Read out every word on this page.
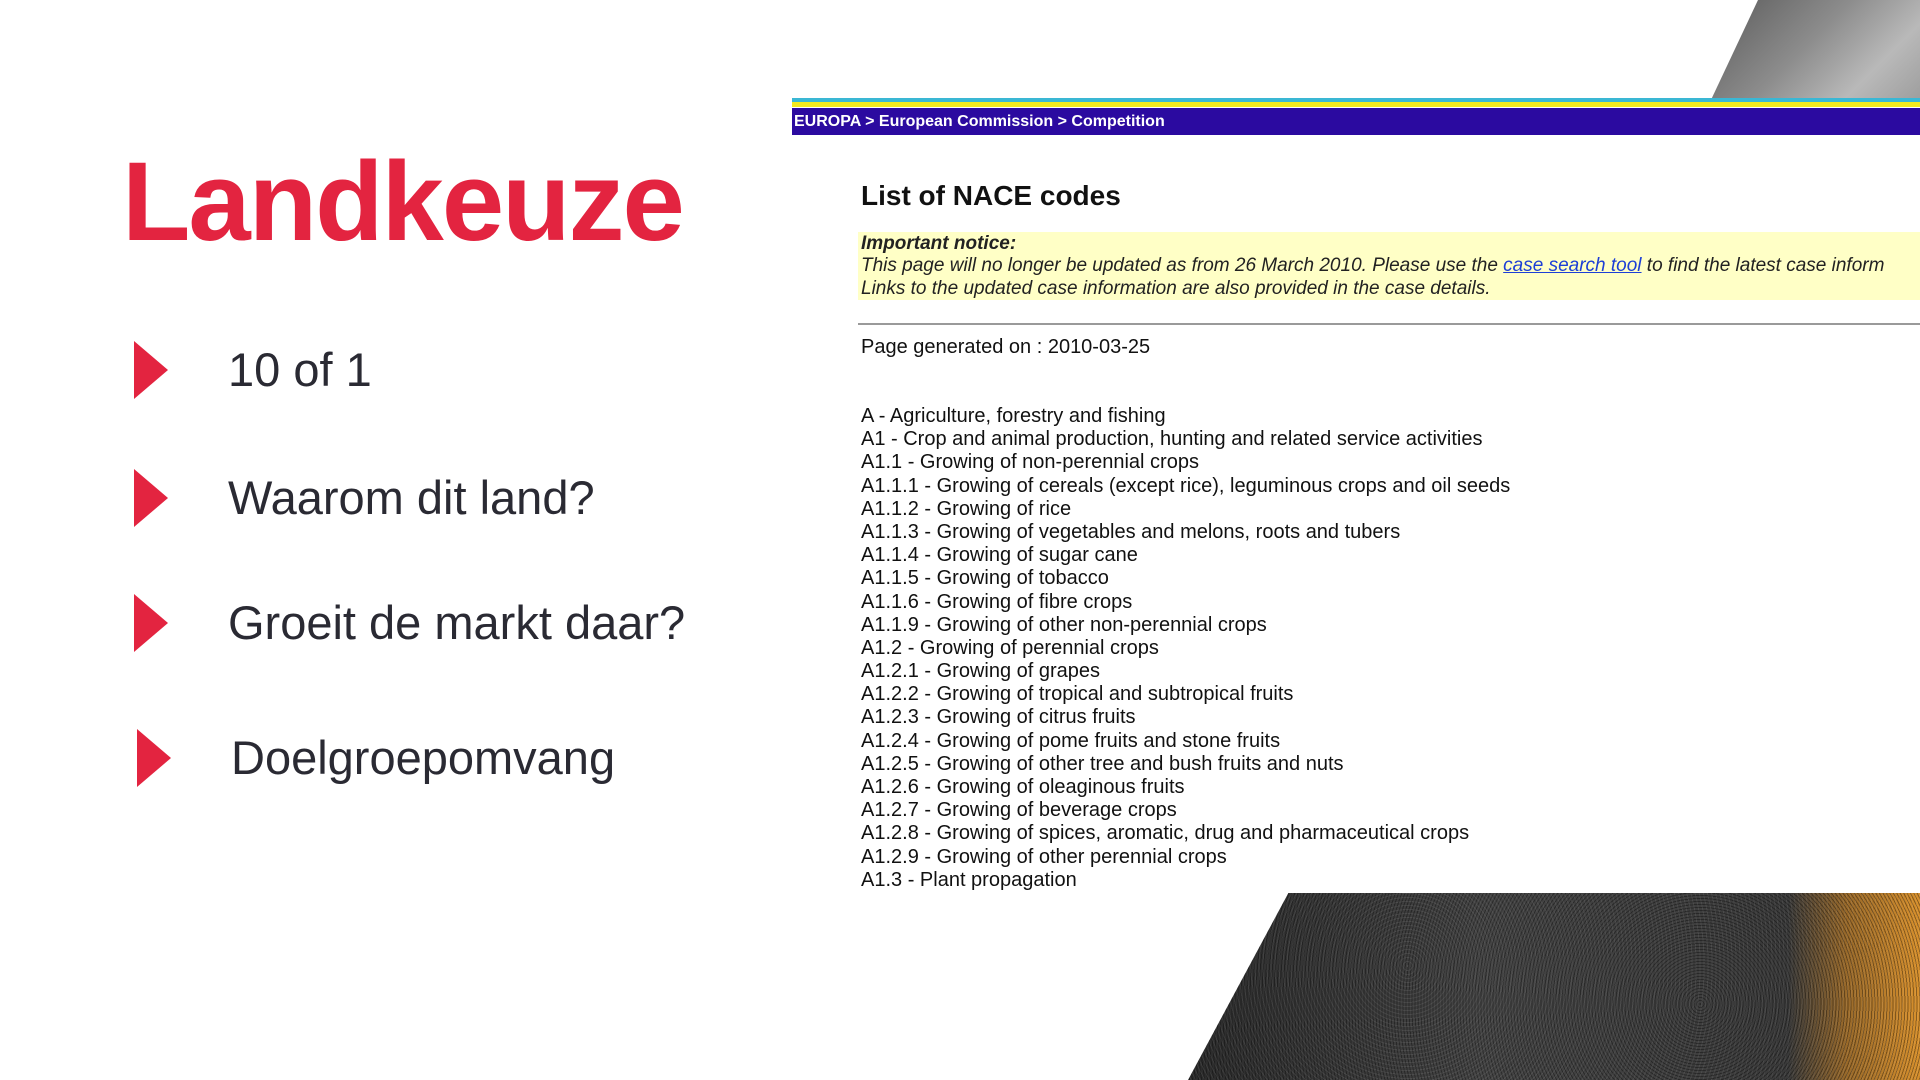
Landkeuze
10 of 1
Waarom dit land?
Groeit de markt daar?
Doelgroepomvang
EUROPA > European Commission > Competition
List of NACE codes
Important notice:
This page will no longer be updated as from 26 March 2010. Please use the case search tool to find the latest case inform
Links to the updated case information are also provided in the case details.
Page generated on : 2010-03-25
A - Agriculture, forestry and fishing
A1 - Crop and animal production, hunting and related service activities
A1.1 - Growing of non-perennial crops
A1.1.1 - Growing of cereals (except rice), leguminous crops and oil seeds
A1.1.2 - Growing of rice
A1.1.3 - Growing of vegetables and melons, roots and tubers
A1.1.4 - Growing of sugar cane
A1.1.5 - Growing of tobacco
A1.1.6 - Growing of fibre crops
A1.1.9 - Growing of other non-perennial crops
A1.2 - Growing of perennial crops
A1.2.1 - Growing of grapes
A1.2.2 - Growing of tropical and subtropical fruits
A1.2.3 - Growing of citrus fruits
A1.2.4 - Growing of pome fruits and stone fruits
A1.2.5 - Growing of other tree and bush fruits and nuts
A1.2.6 - Growing of oleaginous fruits
A1.2.7 - Growing of beverage crops
A1.2.8 - Growing of spices, aromatic, drug and pharmaceutical crops
A1.2.9 - Growing of other perennial crops
A1.3 - Plant propagation
